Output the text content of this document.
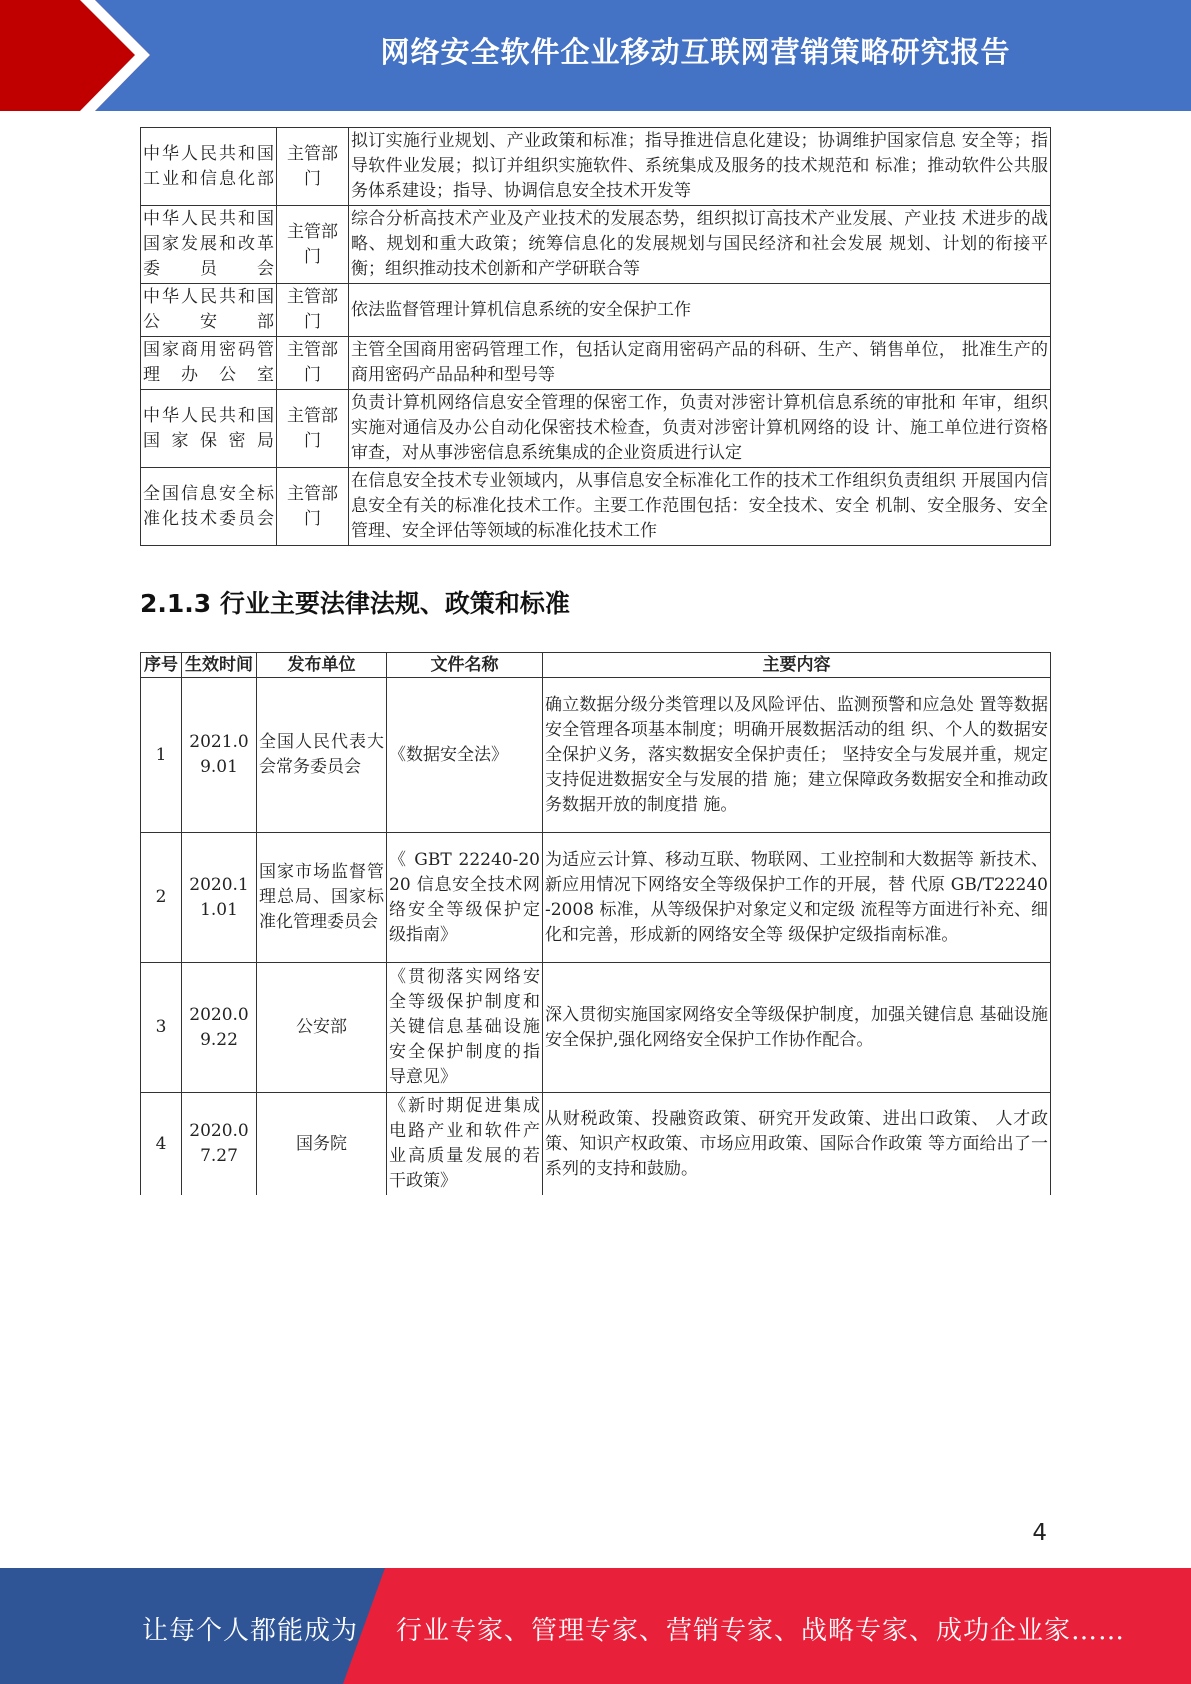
网络安全软件企业移动互联网营销策略研究报告
中华人民共和国工业和信息化部	主管部门	拟订实施行业规划、产业政策和标准；指导推进信息化建设；协调维护国家信息 安全等；指导软件业发展；拟订并组织实施软件、系统集成及服务的技术规范和 标准；推动软件公共服务体系建设；指导、协调信息安全技术开发等
中华人民共和国国家发展和改革委员会	主管部门	综合分析高技术产业及产业技术的发展态势，组织拟订高技术产业发展、产业技 术进步的战略、规划和重大政策；统筹信息化的发展规划与国民经济和社会发展 规划、计划的衔接平衡；组织推动技术创新和产学研联合等
中华人民共和国公安部	主管部门	依法监督管理计算机信息系统的安全保护工作
国家商用密码管理办公室	主管部门	主管全国商用密码管理工作，包括认定商用密码产品的科研、生产、销售单位， 批准生产的商用密码产品品种和型号等
中华人民共和国国家保密局	主管部门	负责计算机网络信息安全管理的保密工作，负责对涉密计算机信息系统的审批和 年审，组织实施对通信及办公自动化保密技术检查，负责对涉密计算机网络的设 计、施工单位进行资格审查，对从事涉密信息系统集成的企业资质进行认定
全国信息安全标准化技术委员会	主管部门	在信息安全技术专业领域内，从事信息安全标准化工作的技术工作组织负责组织 开展国内信息安全有关的标准化技术工作。主要工作范围包括：安全技术、安全 机制、安全服务、安全管理、安全评估等领域的标准化技术工作
2.1.3 行业主要法律法规、政策和标准
序号	生效时间	发布单位	文件名称	主要内容
1	2021.09.01	全国人民代表大会常务委员会	《数据安全法》	确立数据分级分类管理以及风险评估、监测预警和应急处 置等数据安全管理各项基本制度；明确开展数据活动的组 织、个人的数据安全保护义务，落实数据安全保护责任； 坚持安全与发展并重，规定支持促进数据安全与发展的措 施；建立保障政务数据安全和推动政务数据开放的制度措 施。
2	2020.11.01	国家市场监督管理总局、国家标准化管理委员会	《 GBT 22240-2020 信息安全技术网络安全等级保护定级指南》	为适应云计算、移动互联、物联网、工业控制和大数据等 新技术、新应用情况下网络安全等级保护工作的开展，替 代原 GB/T22240-2008 标准，从等级保护对象定义和定级 流程等方面进行补充、细化和完善，形成新的网络安全等 级保护定级指南标准。
3	2020.09.22	公安部	《贯彻落实网络安全等级保护制度和关键信息基础设施安全保护制度的指导意见》	深入贯彻实施国家网络安全等级保护制度，加强关键信息 基础设施安全保护,强化网络安全保护工作协作配合。
4	2020.07.27	国务院	《新时期促进集成电路产业和软件产业高质量发展的若干政策》	从财税政策、投融资政策、研究开发政策、进出口政策、 人才政策、知识产权政策、市场应用政策、国际合作政策 等方面给出了一系列的支持和鼓励。
4
让每个人都能成为 行业专家、管理专家、营销专家、战略专家、成功企业家……
